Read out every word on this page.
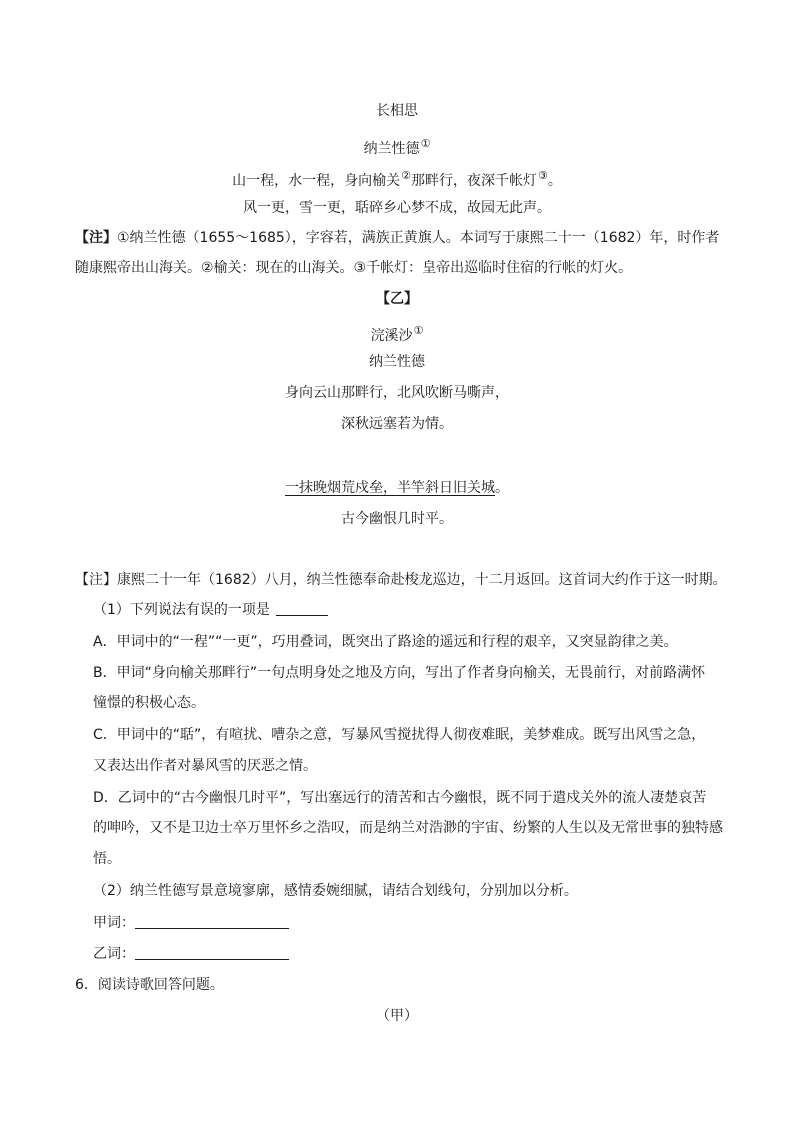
长相思
纳兰性德①
山一程，水一程，身向榆关②那畔行，夜深千帐灯③。
风一更，雪一更，聒碎乡心梦不成，故园无此声。
【注】①纳兰性德（1655～1685），字容若，满族正黄旗人。本词写于康熙二十一（1682）年，时作者
随康熙帝出山海关。②榆关：现在的山海关。③千帐灯：皇帝出巡临时住宿的行帐的灯火。
【乙】
浣溪沙①
纳兰性德
身向云山那畔行，北风吹断马嘶声，
深秋远塞若为情。
一抹晚烟荒戍垒，半竿斜日旧关城。
古今幽恨几时平。
【注】康熙二十一年（1682）八月，纳兰性德奉命赴梭龙巡边，十二月返回。这首词大约作于这一时期。
（1）下列说法有误的一项是
A．甲词中的“一程”“一更”，巧用叠词，既突出了路途的遥远和行程的艰辛，又突显韵律之美。
B．甲词“身向榆关那畔行”一句点明身处之地及方向，写出了作者身向榆关，无畏前行，对前路满怀
憧憬的积极心态。
C．甲词中的“聒”，有喧扰、嘈杂之意，写暴风雪搅扰得人彻夜难眠，美梦难成。既写出风雪之急，
又表达出作者对暴风雪的厌恶之情。
D．乙词中的“古今幽恨几时平”，写出塞远行的清苦和古今幽恨，既不同于遣戍关外的流人凄楚哀苦
的呻吟，又不是卫边士卒万里怀乡之浩叹，而是纳兰对浩渺的宇宙、纷繁的人生以及无常世事的独特感
悟。
（2）纳兰性德写景意境寥廓，感情委婉细腻，请结合划线句，分别加以分析。
甲词：
乙词：
6．阅读诗歌回答问题。
（甲）
